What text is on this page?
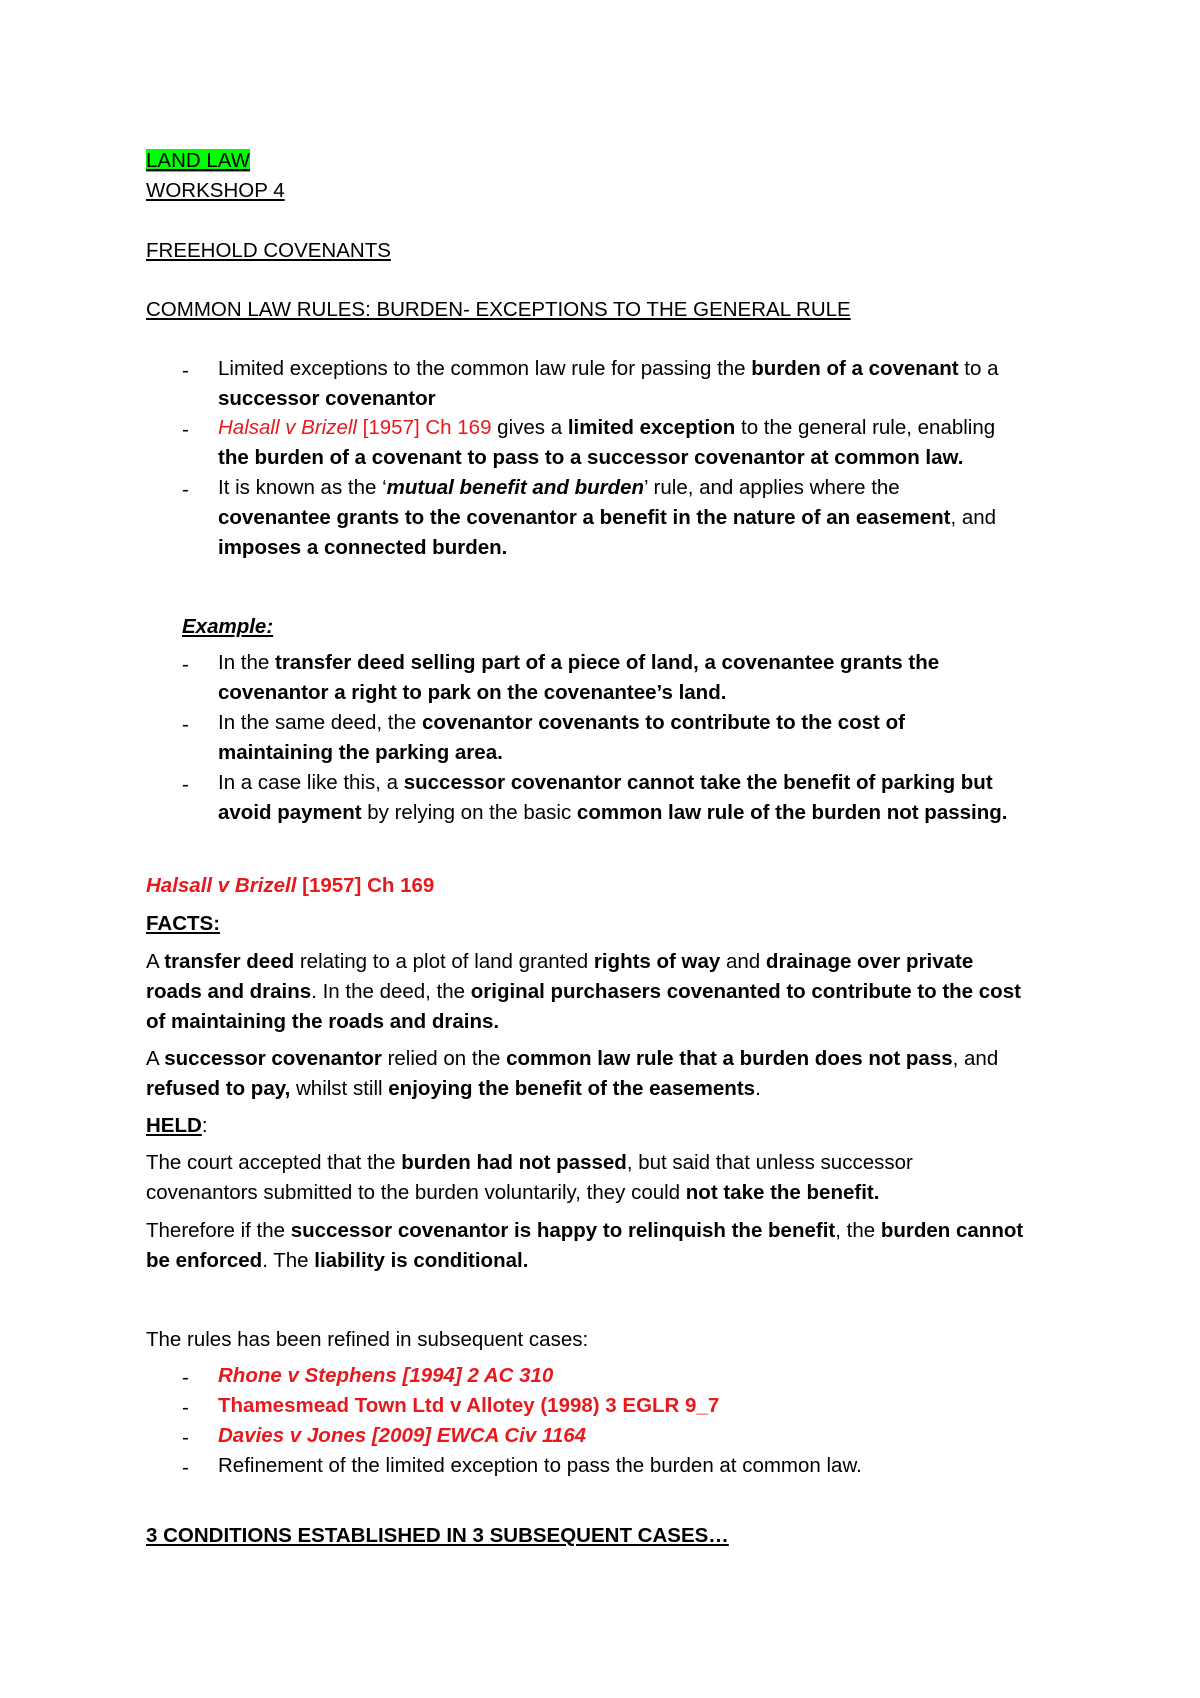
LAND LAW
WORKSHOP 4
FREEHOLD COVENANTS
COMMON LAW RULES: BURDEN- EXCEPTIONS TO THE GENERAL RULE
- Limited exceptions to the common law rule for passing the burden of a covenant to a
successor covenantor
- Halsall v Brizell [1957] Ch 169 gives a limited exception to the general rule, enabling
the burden of a covenant to pass to a successor covenantor at common law.
- It is known as the ‘mutual benefit and burden’ rule, and applies where the
covenantee grants to the covenantor a benefit in the nature of an easement, and
imposes a connected burden.
Example:
- In the transfer deed selling part of a piece of land, a covenantee grants the
covenantor a right to park on the covenantee’s land.
- In the same deed, the covenantor covenants to contribute to the cost of
maintaining the parking area.
- In a case like this, a successor covenantor cannot take the benefit of parking but
avoid payment by relying on the basic common law rule of the burden not passing.
Halsall v Brizell [1957] Ch 169
FACTS:
A transfer deed relating to a plot of land granted rights of way and drainage over private
roads and drains. In the deed, the original purchasers covenanted to contribute to the cost
of maintaining the roads and drains.
A successor covenantor relied on the common law rule that a burden does not pass, and
refused to pay, whilst still enjoying the benefit of the easements.
HELD:
The court accepted that the burden had not passed, but said that unless successor
covenantors submitted to the burden voluntarily, they could not take the benefit.
Therefore if the successor covenantor is happy to relinquish the benefit, the burden cannot
be enforced. The liability is conditional.
The rules has been refined in subsequent cases:
- Rhone v Stephens [1994] 2 AC 310
- Thamesmead Town Ltd v Allotey (1998) 3 EGLR 9_7
- Davies v Jones [2009] EWCA Civ 1164
- Refinement of the limited exception to pass the burden at common law.
3 CONDITIONS ESTABLISHED IN 3 SUBSEQUENT CASES…
